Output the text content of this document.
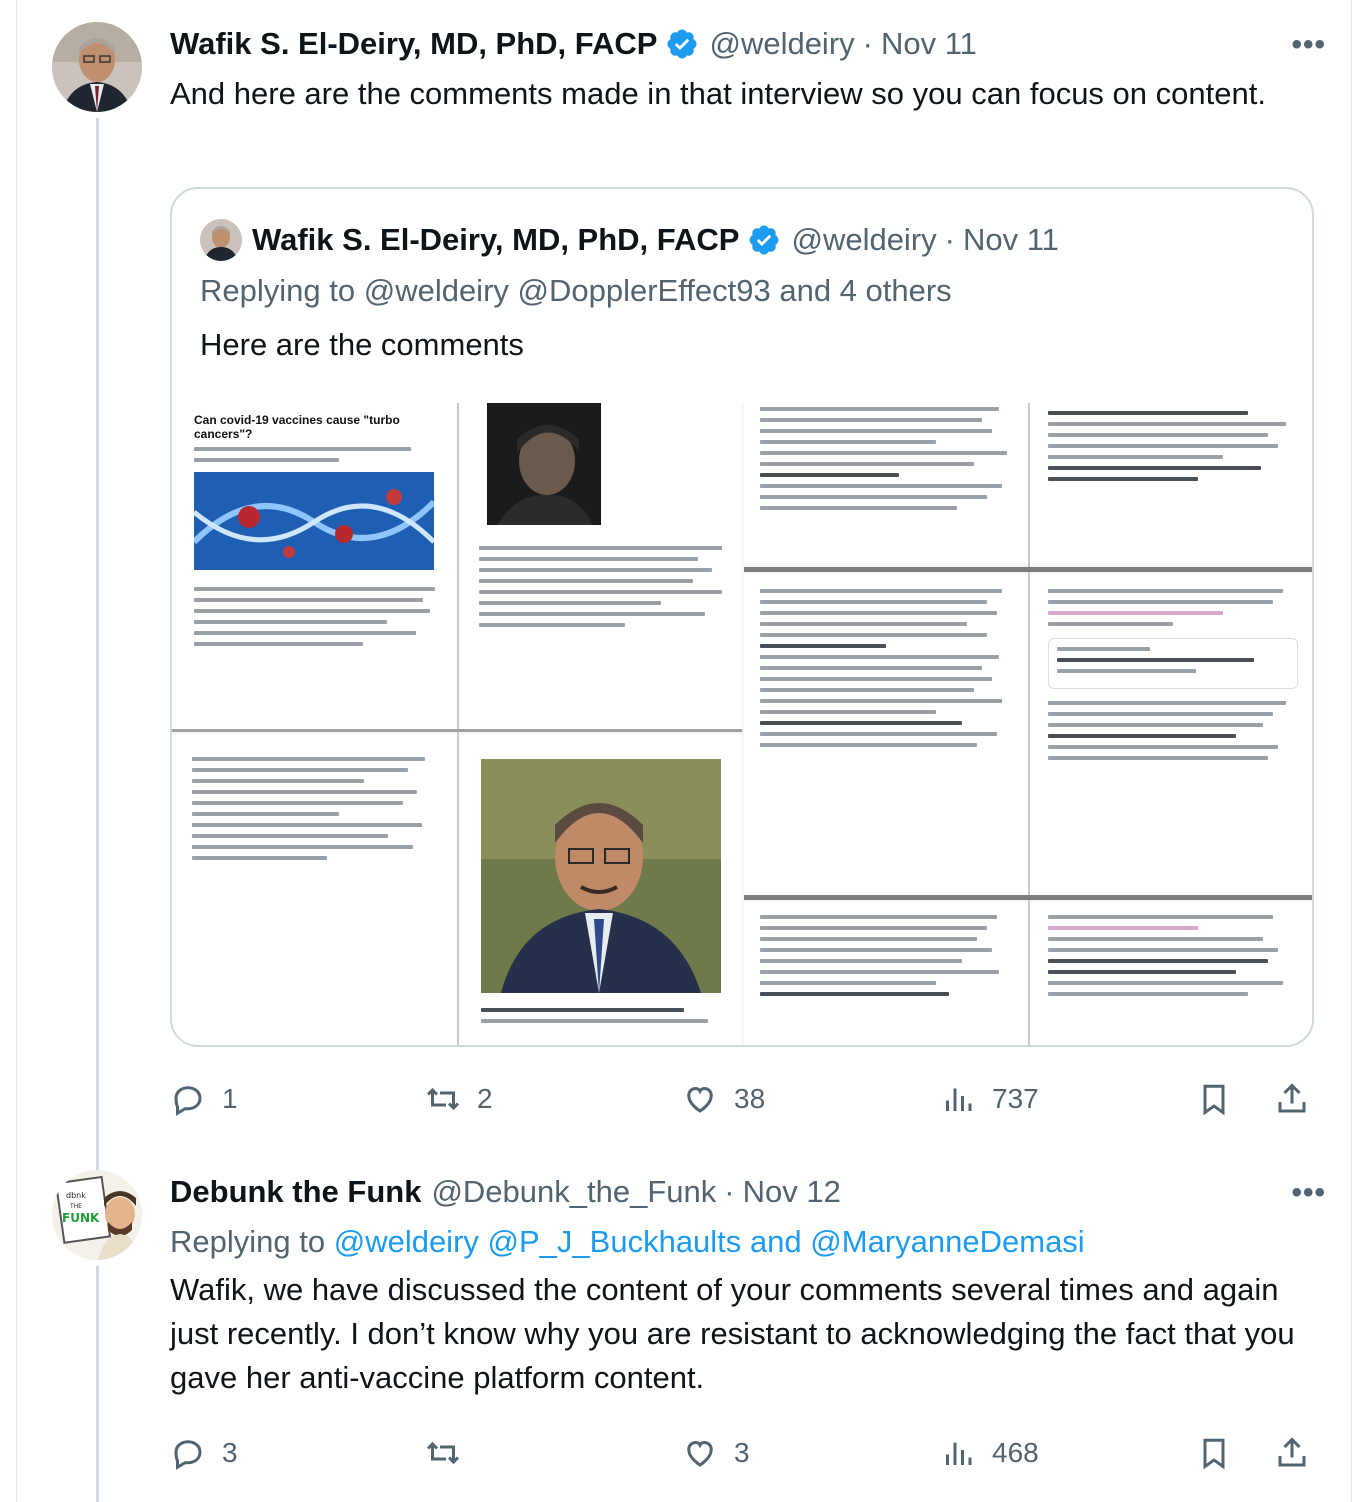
Wafik S. El-Deiry, MD, PhD, FACP @weldeiry · Nov 11	•••
And here are the comments made in that interview so you can focus on content.
Wafik S. El-Deiry, MD, PhD, FACP @weldeiry · Nov 11
Replying to @weldeiry @DopplerEffect93 and 4 others
Here are the comments
Can covid-19 vaccines cause "turbo cancers"?
1	2	38	737
dbnk
THE
FUNK
Debunk the Funk @Debunk_the_Funk · Nov 12	•••
Replying to @weldeiry @P_J_Buckhaults and @MaryanneDemasi
Wafik, we have discussed the content of your comments several times and again just recently. I don’t know why you are resistant to acknowledging the fact that you gave her anti-vaccine platform content.
3	3	468
